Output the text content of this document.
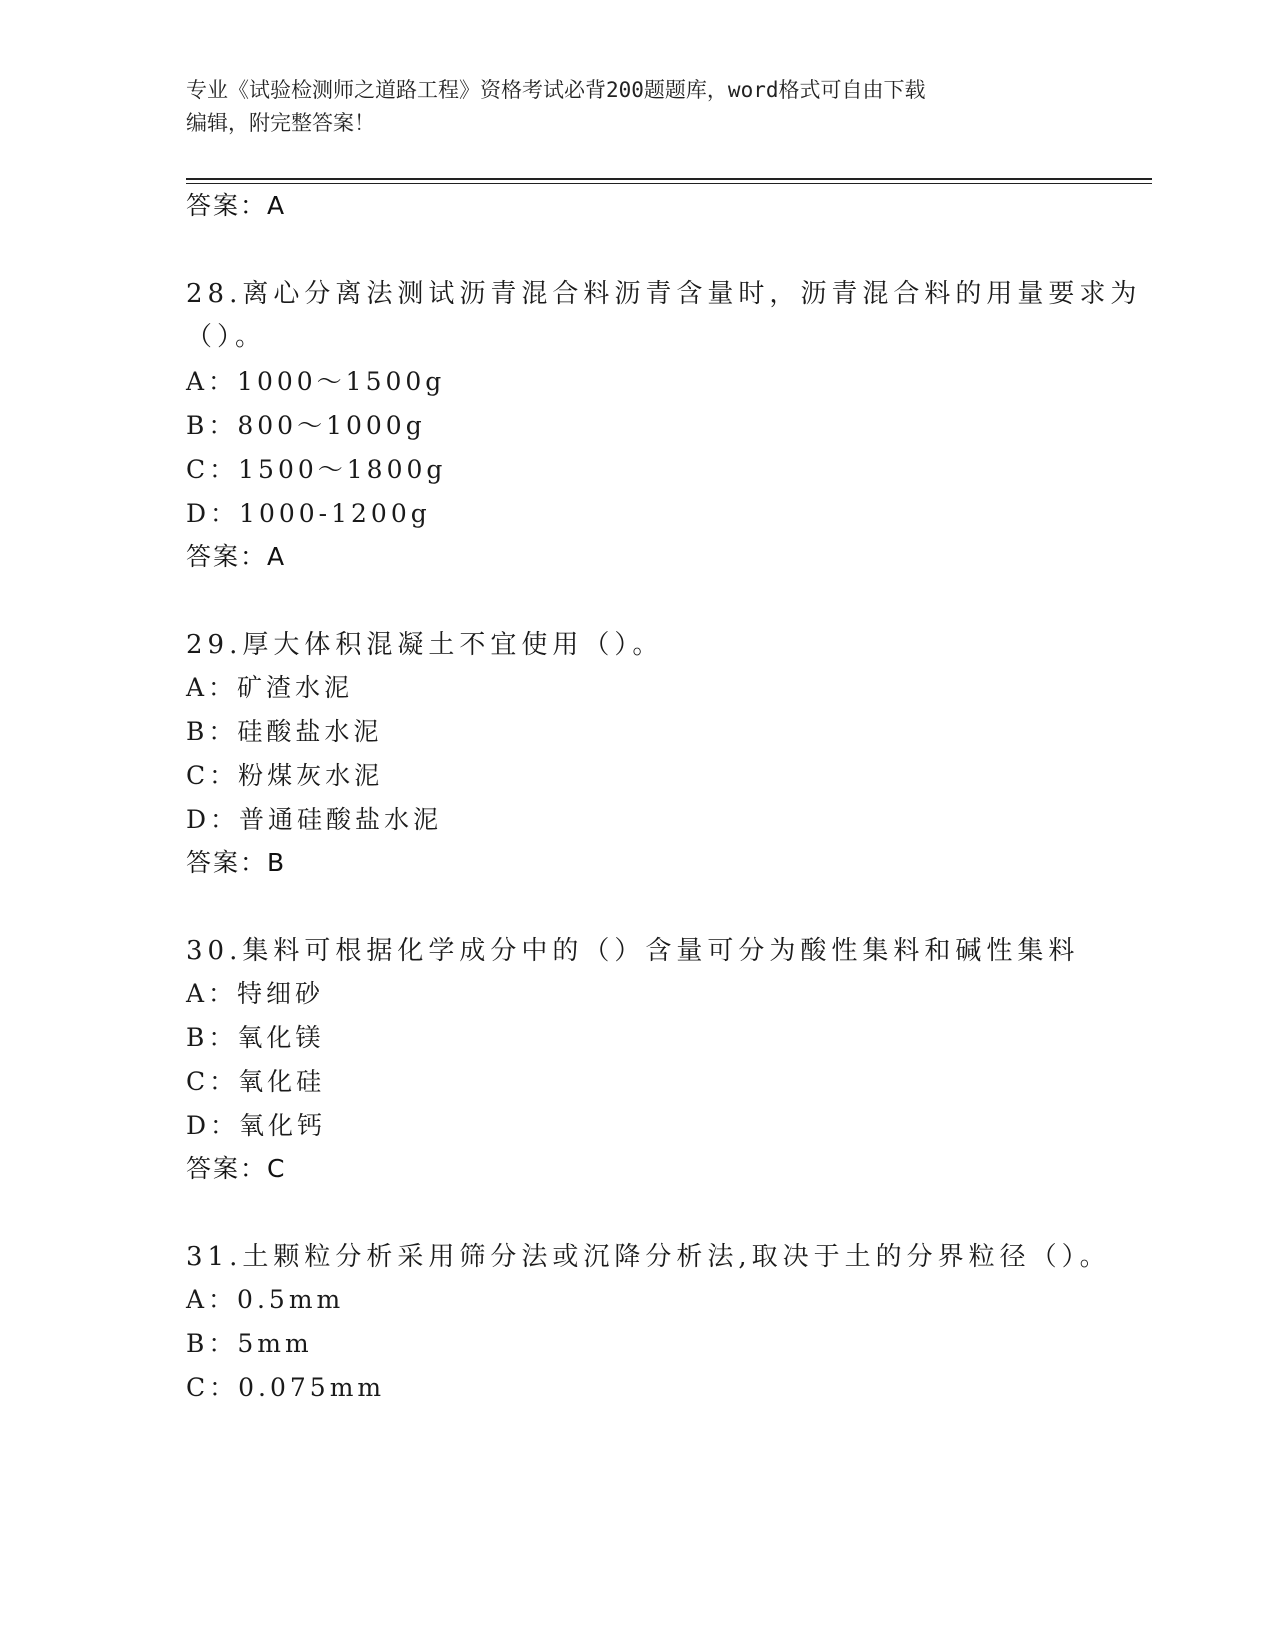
专业《试验检测师之道路工程》资格考试必背200题题库，word格式可自由下载
编辑，附完整答案！
答案：A
28.离心分离法测试沥青混合料沥青含量时，沥青混合料的用量要求为
（）。
A：1000～1500g
B：800～1000g
C：1500～1800g
D：1000-1200g
答案：A
29.厚大体积混凝土不宜使用（）。
A：矿渣水泥
B：硅酸盐水泥
C：粉煤灰水泥
D：普通硅酸盐水泥
答案：B
30.集料可根据化学成分中的（）含量可分为酸性集料和碱性集料
A：特细砂
B：氧化镁
C：氧化硅
D：氧化钙
答案：C
31.土颗粒分析采用筛分法或沉降分析法,取决于土的分界粒径（）。
A：0.5mm
B：5mm
C：0.075mm
